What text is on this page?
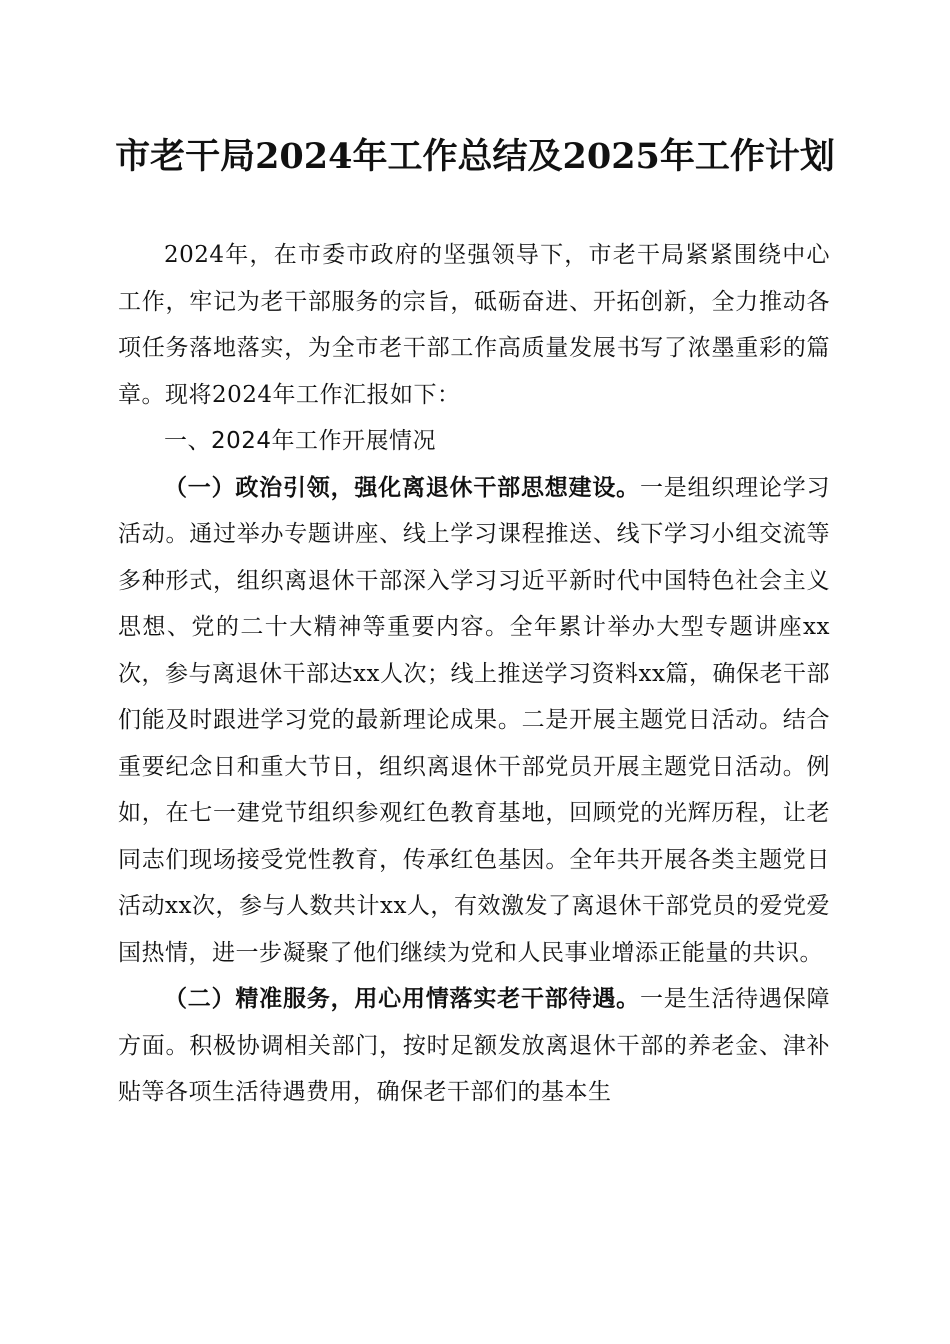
市老干局2024年工作总结及2025年工作计划

2024年，在市委市政府的坚强领导下，市老干局紧紧围绕中心工作，牢记为老干部服务的宗旨，砥砺奋进、开拓创新，全力推动各项任务落地落实，为全市老干部工作高质量发展书写了浓墨重彩的篇章。现将2024年工作汇报如下：

一、2024年工作开展情况

（一）政治引领，强化离退休干部思想建设。一是组织理论学习活动。通过举办专题讲座、线上学习课程推送、线下学习小组交流等多种形式，组织离退休干部深入学习习近平新时代中国特色社会主义思想、党的二十大精神等重要内容。全年累计举办大型专题讲座xx次，参与离退休干部达xx人次；线上推送学习资料xx篇，确保老干部们能及时跟进学习党的最新理论成果。二是开展主题党日活动。结合重要纪念日和重大节日，组织离退休干部党员开展主题党日活动。例如，在七一建党节组织参观红色教育基地，回顾党的光辉历程，让老同志们现场接受党性教育，传承红色基因。全年共开展各类主题党日活动xx次，参与人数共计xx人，有效激发了离退休干部党员的爱党爱国热情，进一步凝聚了他们继续为党和人民事业增添正能量的共识。

（二）精准服务，用心用情落实老干部待遇。一是生活待遇保障方面。积极协调相关部门，按时足额发放离退休干部的养老金、津补贴等各项生活待遇费用，确保老干部们的基本生
